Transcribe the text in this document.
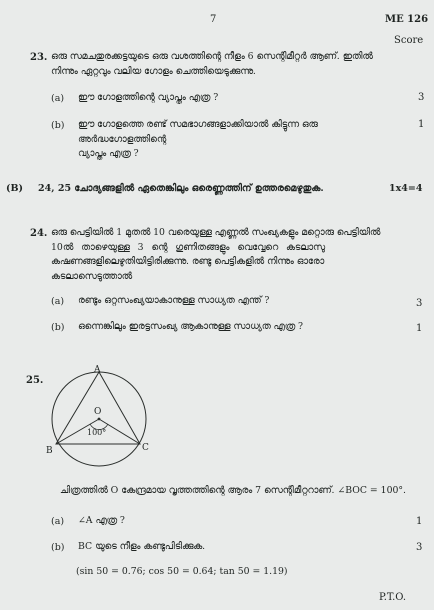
7	ME 126
Score
23. ഒരു സമചതുരക്കട്ടയുടെ ഒരു വശത്തിന്റെ നീളം 6 സെന്റിമീറ്റർ ആണ്. ഇതിൽ
നിന്നും ഏറ്റവും വലിയ ഗോളം ചെത്തിയെടുക്കുന്നു.
(a) ഈ ഗോളത്തിന്റെ വ്യാപ്തം എത്ര ?	3
(b) ഈ ഗോളത്തെ രണ്ട് സമഭാഗങ്ങളാക്കിയാൽ കിട്ടുന്ന ഒരു അർദ്ധഗോളത്തിന്റെ
വ്യാപ്തം എത്ര ?
1
(B) 24, 25 ചോദ്യങ്ങളിൽ ഏതെങ്കിലും ഒരെണ്ണത്തിന് ഉത്തരമെഴുതുക.	1x4=4
24. ഒരു പെട്ടിയിൽ 1 മുതൽ 10 വരെയുള്ള എണ്ണൽ സംഖ്യകളും മറ്റൊരു പെട്ടിയിൽ
10ൽ താഴെയുള്ള 3 ന്റെ ഗുണിതങ്ങളും വെവ്വേറെ കടലാസു
കഷണങ്ങളിലെഴുതിയിട്ടിരിക്കുന്നു. രണ്ടു പെട്ടികളിൽ നിന്നും ഓരോ
കടലാസെടുത്താൽ
(a) രണ്ടും ഒറ്റസംഖ്യയാകാനുള്ള സാധ്യത എന്ത് ?	3
(b) ഒന്നെങ്കിലും ഇരട്ടസംഖ്യ ആകാനുള്ള സാധ്യത എത്ര ?	1
25.
A
O
B	C
100°
ചിത്രത്തിൽ O കേന്ദ്രമായ വൃത്തത്തിന്റെ ആരം 7 സെന്റിമീറ്ററാണ്. ∠BOC = 100°.
(a) ∠A എത്ര ?	1
(b) BC യുടെ നീളം കണ്ടുപിടിക്കുക.	3
(sin 50 = 0.76; cos 50 = 0.64; tan 50 = 1.19)
P.T.O.
